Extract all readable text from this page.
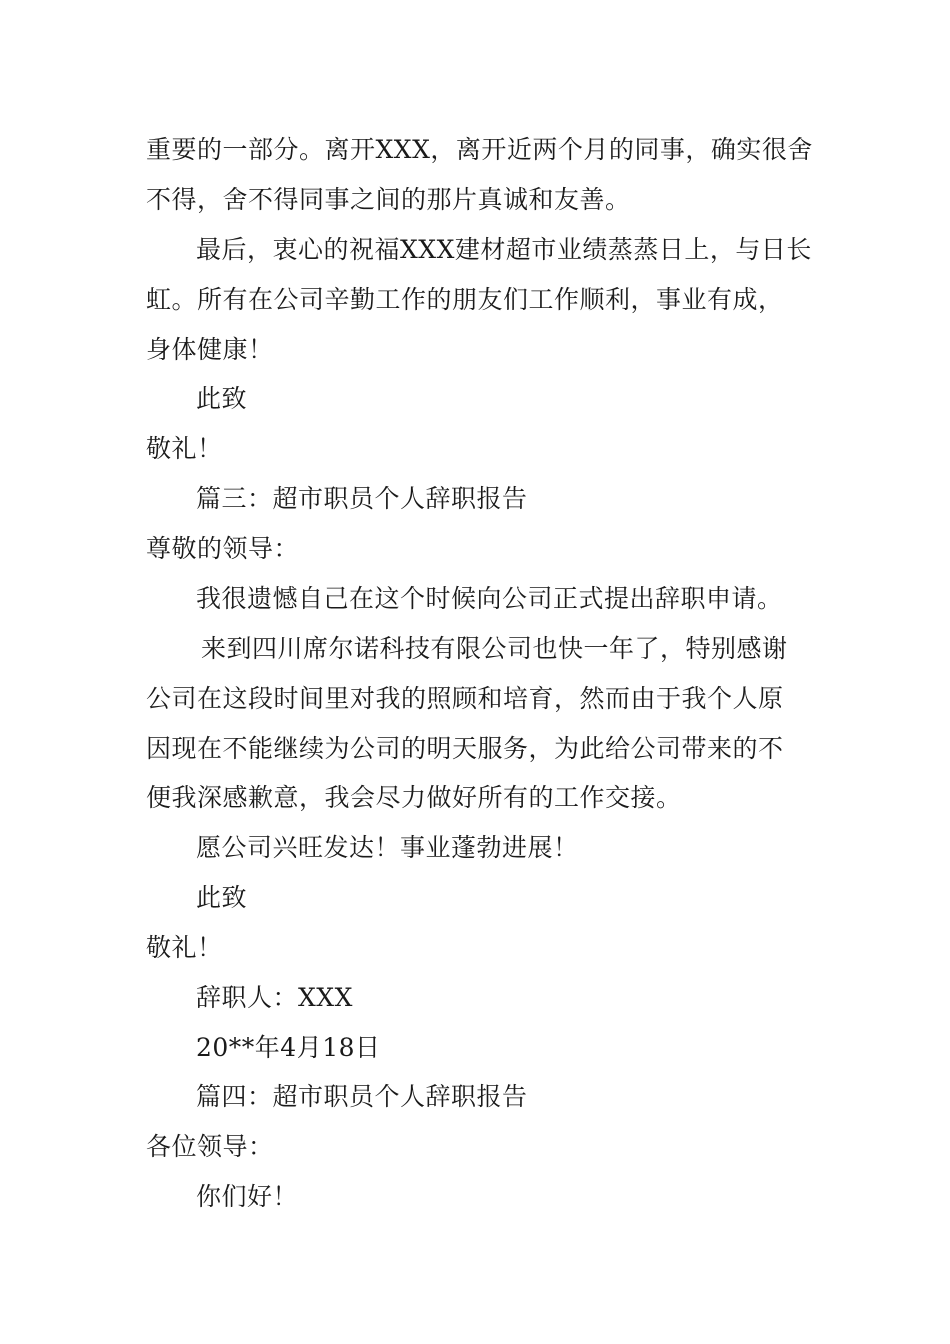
重要的一部分。离开XXX，离开近两个月的同事，确实很舍
不得，舍不得同事之间的那片真诚和友善。
最后，衷心的祝福XXX建材超市业绩蒸蒸日上，与日长
虹。所有在公司辛勤工作的朋友们工作顺利，事业有成，
身体健康！
此致
敬礼！
篇三：超市职员个人辞职报告
尊敬的领导：
我很遗憾自己在这个时候向公司正式提出辞职申请。
来到四川席尔诺科技有限公司也快一年了，特别感谢
公司在这段时间里对我的照顾和培育，然而由于我个人原
因现在不能继续为公司的明天服务，为此给公司带来的不
便我深感歉意，我会尽力做好所有的工作交接。
愿公司兴旺发达！事业蓬勃进展！
此致
敬礼！
辞职人：XXX
20**年4月18日
篇四：超市职员个人辞职报告
各位领导：
你们好！
